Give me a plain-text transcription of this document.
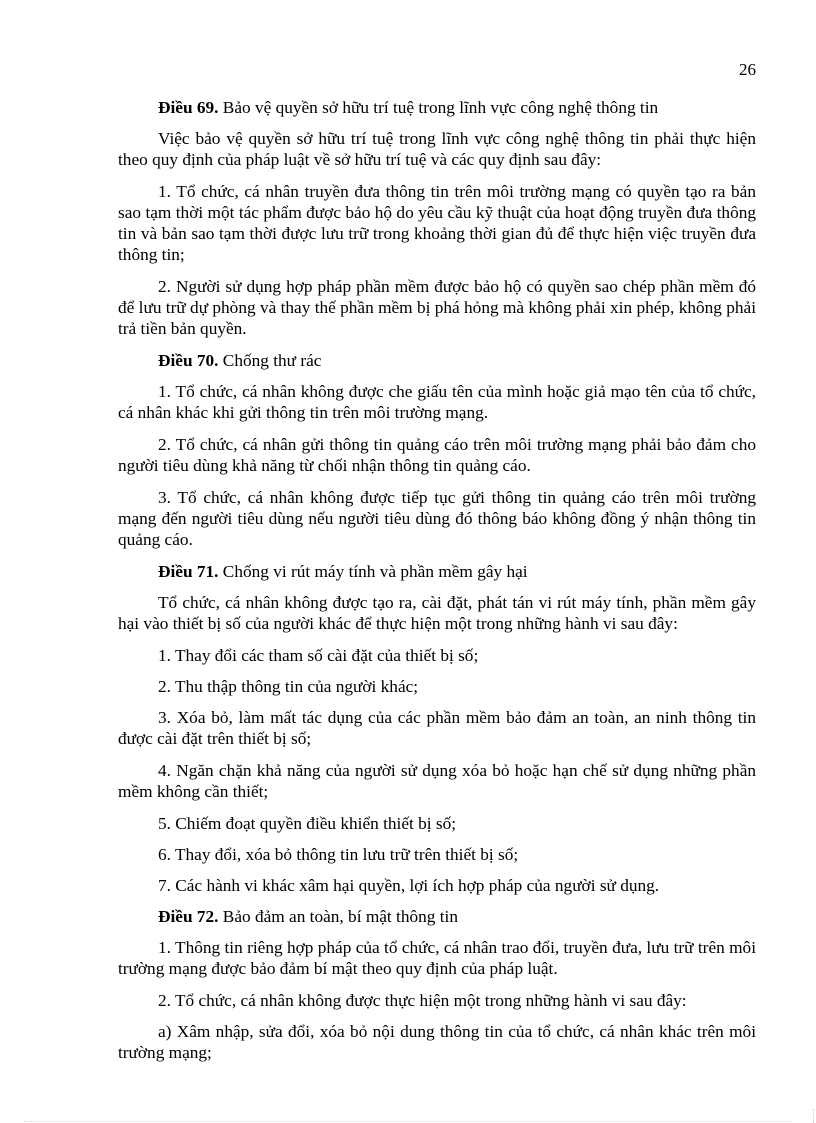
26

Điều 69. Bảo vệ quyền sở hữu trí tuệ trong lĩnh vực công nghệ thông tin

Việc bảo vệ quyền sở hữu trí tuệ trong lĩnh vực công nghệ thông tin phải thực hiện theo quy định của pháp luật về sở hữu trí tuệ và các quy định sau đây:

1. Tổ chức, cá nhân truyền đưa thông tin trên môi trường mạng có quyền tạo ra bản sao tạm thời một tác phẩm được bảo hộ do yêu cầu kỹ thuật của hoạt động truyền đưa thông tin và bản sao tạm thời được lưu trữ trong khoảng thời gian đủ để thực hiện việc truyền đưa thông tin;

2. Người sử dụng hợp pháp phần mềm được bảo hộ có quyền sao chép phần mềm đó để lưu trữ dự phòng và thay thế phần mềm bị phá hỏng mà không phải xin phép, không phải trả tiền bản quyền.

Điều 70. Chống thư rác

1. Tổ chức, cá nhân không được che giấu tên của mình hoặc giả mạo tên của tổ chức, cá nhân khác khi gửi thông tin trên môi trường mạng.

2. Tổ chức, cá nhân gửi thông tin quảng cáo trên môi trường mạng phải bảo đảm cho người tiêu dùng khả năng từ chối nhận thông tin quảng cáo.

3. Tổ chức, cá nhân không được tiếp tục gửi thông tin quảng cáo trên môi trường mạng đến người tiêu dùng nếu người tiêu dùng đó thông báo không đồng ý nhận thông tin quảng cáo.

Điều 71. Chống vi rút máy tính và phần mềm gây hại

Tổ chức, cá nhân không được tạo ra, cài đặt, phát tán vi rút máy tính, phần mềm gây hại vào thiết bị số của người khác để thực hiện một trong những hành vi sau đây:

1. Thay đổi các tham số cài đặt của thiết bị số;

2. Thu thập thông tin của người khác;

3. Xóa bỏ, làm mất tác dụng của các phần mềm bảo đảm an toàn, an ninh thông tin được cài đặt trên thiết bị số;

4. Ngăn chặn khả năng của người sử dụng xóa bỏ hoặc hạn chế sử dụng những phần mềm không cần thiết;

5. Chiếm đoạt quyền điều khiển thiết bị số;

6. Thay đổi, xóa bỏ thông tin lưu trữ trên thiết bị số;

7. Các hành vi khác xâm hại quyền, lợi ích hợp pháp của người sử dụng.

Điều 72. Bảo đảm an toàn, bí mật thông tin

1. Thông tin riêng hợp pháp của tổ chức, cá nhân trao đổi, truyền đưa, lưu trữ trên môi trường mạng được bảo đảm bí mật theo quy định của pháp luật.

2. Tổ chức, cá nhân không được thực hiện một trong những hành vi sau đây:

a) Xâm nhập, sửa đổi, xóa bỏ nội dung thông tin của tổ chức, cá nhân khác trên môi trường mạng;
